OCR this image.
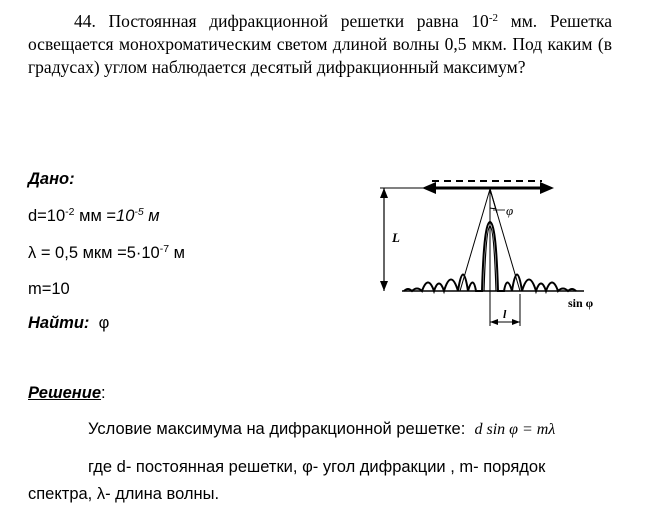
44. Постоянная дифракционной решетки равна $10^{-2}$ мм. Решетка освещается монохроматическим светом длиной волны 0,5 мкм. Под каким (в градусах) углом наблюдается десятый дифракционный максимум?
Дано:
$d=10^{-2}$ мм $=10^{-5}$ м
λ = 0,5 мкм $=5\cdot 10^{-7}$ м
m=10
Найти: φ
L
φ
l
sin φ
Решение:
Условие максимума на дифракционной решетке: d sin φ = mλ
где d- постоянная решетки, φ- угол дифракции , m- порядок
спектра, λ- длина волны.
